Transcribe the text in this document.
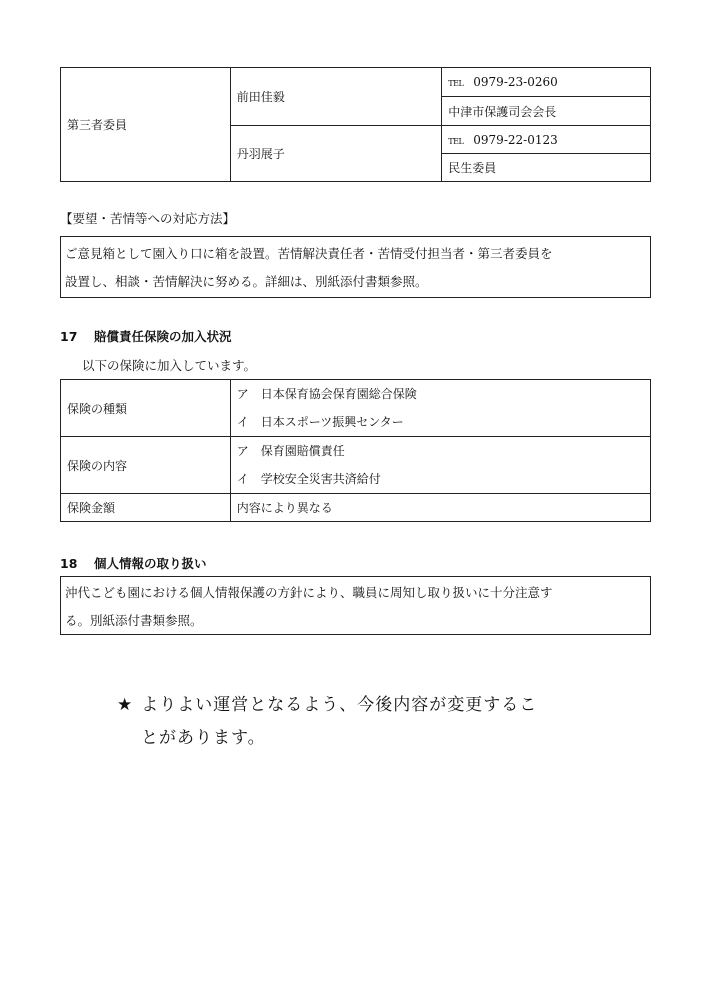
第三者委員	前田佳毅	TEL 0979-23-0260
		中津市保護司会会長
	丹羽展子	TEL 0979-22-0123
		民生委員
【要望・苦情等への対応方法】

ご意見箱として園入り口に箱を設置。苦情解決責任者・苦情受付担当者・第三者委員を

設置し、相談・苦情解決に努める。詳細は、別紙添付書類参照。

17 賠償責任保険の加入状況
以下の保険に加入しています。
保険の種類	ア　日本保育協会保育園総合保険
イ　日本スポーツ振興センター

保険の内容	ア　保育園賠償責任
イ　学校安全災害共済給付

保険金額	内容により異なる
18 個人情報の取り扱い

沖代こども園における個人情報保護の方針により、職員に周知し取り扱いに十分注意す

る。別紙添付書類参照。

★ よりよい運営となるよう、今後内容が変更するこ
とがあります。
